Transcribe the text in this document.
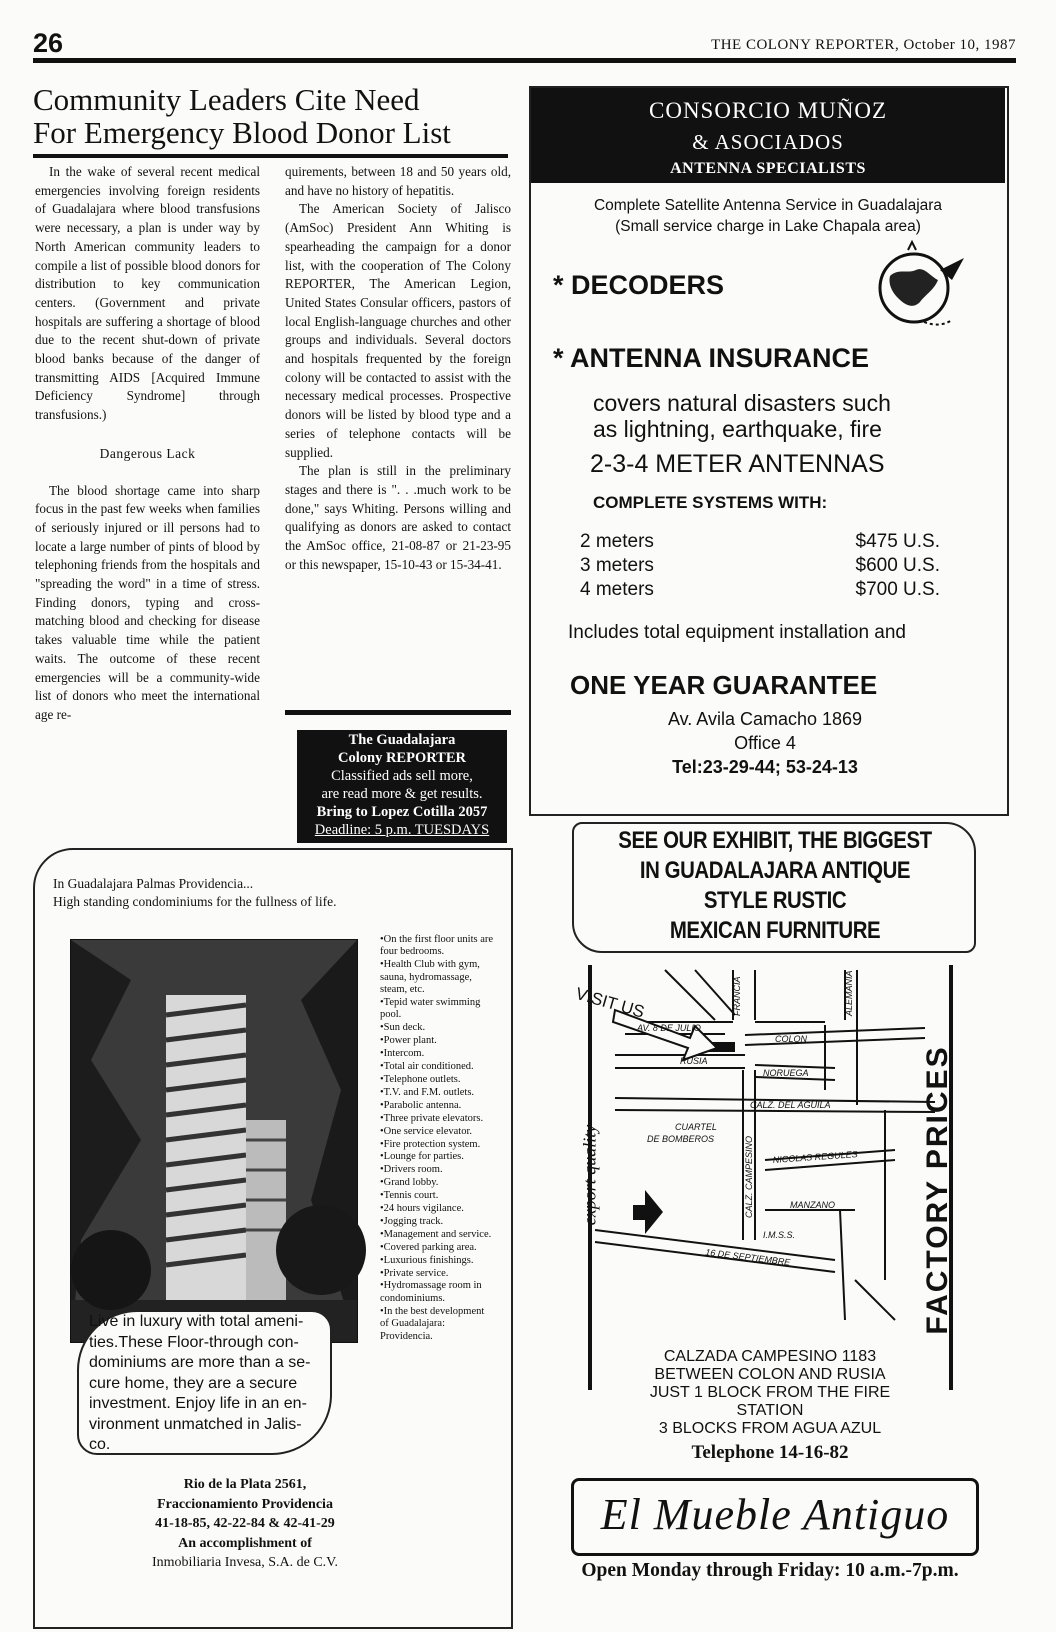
26	THE COLONY REPORTER, October 10, 1987
Community Leaders Cite Need
For Emergency Blood Donor List

In the wake of several recent medical emergencies involving foreign residents of Guadalajara where blood transfusions were necessary, a plan is under way by North American community leaders to compile a list of possible blood donors for distribution to key communication centers. (Government and private hospitals are suffering a shortage of blood due to the recent shut-down of private blood banks because of the danger of transmitting AIDS [Acquired Immune Deficiency Syndrome] through transfusions.)

Dangerous Lack

The blood shortage came into sharp focus in the past few weeks when families of seriously injured or ill persons had to locate a large number of pints of blood by telephoning friends from the hospitals and "spreading the word" in a time of stress. Finding donors, typing and cross-matching blood and checking for disease takes valuable time while the patient waits. The outcome of these recent emergencies will be a community-wide list of donors who meet the international age re-

quirements, between 18 and 50 years old, and have no history of hepatitis.

The American Society of Jalisco (AmSoc) President Ann Whiting is spearheading the campaign for a donor list, with the cooperation of The Colony REPORTER, The American Legion, United States Consular officers, pastors of local English-language churches and other groups and individuals. Several doctors and hospitals frequented by the foreign colony will be contacted to assist with the necessary medical processes. Prospective donors will be listed by blood type and a series of telephone contacts will be supplied.

The plan is still in the preliminary stages and there is ". . .much work to be done," says Whiting. Persons willing and qualifying as donors are asked to contact the AmSoc office, 21-08-87 or 21-23-95 or this newspaper, 15-10-43 or 15-34-41.

The Guadalajara
Colony REPORTER
Classified ads sell more,
are read more & get results.
Bring to Lopez Cotilla 2057
Deadline: 5 p.m. TUESDAYS
In Guadalajara Palmas Providencia...
High standing condominiums for the fullness of life.
•On the first floor units are four bedrooms.
•Health Club with gym, sauna, hydromassage, steam, etc.
•Tepid water swimming pool.
•Sun deck.
•Power plant.
•Intercom.
•Total air conditioned.
•Telephone outlets.
•T.V. and F.M. outlets.
•Parabolic antenna.
•Three private elevators.
•One service elevator.
•Fire protection system.
•Lounge for parties.
•Drivers room.
•Grand lobby.
•Tennis court.
•24 hours vigilance.
•Jogging track.
•Management and service.
•Covered parking area.
•Luxurious finishings.
•Private service.
•Hydromassage room in condominiums.
•In the best development of Guadalajara: Providencia.
Live in luxury with total ameni-
ties.These Floor-through con-
dominiums are more than a se-
cure home, they are a secure
investment. Enjoy life in an en-
vironment unmatched in Jalis-
co.
Rio de la Plata 2561,
Fraccionamiento Providencia
41-18-85, 42-22-84 & 42-41-29
An accomplishment of
Inmobiliaria Invesa, S.A. de C.V.
CONSORCIO MUÑOZ
& ASOCIADOS
ANTENNA SPECIALISTS
Complete Satellite Antenna Service in Guadalajara
(Small service charge in Lake Chapala area)
* DECODERS
* ANTENNA INSURANCE
covers natural disasters such
as lightning, earthquake, fire
2-3-4 METER ANTENNAS
COMPLETE SYSTEMS WITH:
2 meters	$475 U.S.
3 meters	$600 U.S.
4 meters	$700 U.S.
Includes total equipment installation and
ONE YEAR GUARANTEE
Av. Avila Camacho 1869
Office 4
Tel:23-29-44; 53-24-13
SEE OUR EXHIBIT, THE BIGGEST
IN GUADALAJARA ANTIQUE
STYLE RUSTIC
MEXICAN FURNITURE
export quality	FACTORY PRICES
FRANCIA	ALEMANIA
AV. 8 DE JULIO
COLON
RUSIA
NORUEGA
CALZ. DEL AGUILA
CUARTEL
DE BOMBEROS
NICOLAS REGULES
CALZ. CAMPESINO	MANZANO
I.M.S.S.
16 DE SEPTIEMBRE
VISIT US
CALZADA CAMPESINO 1183
BETWEEN COLON AND RUSIA
JUST 1 BLOCK FROM THE FIRE
STATION
3 BLOCKS FROM AGUA AZUL
Telephone 14-16-82
El Mueble Antiguo
Open Monday through Friday: 10 a.m.-7p.m.
